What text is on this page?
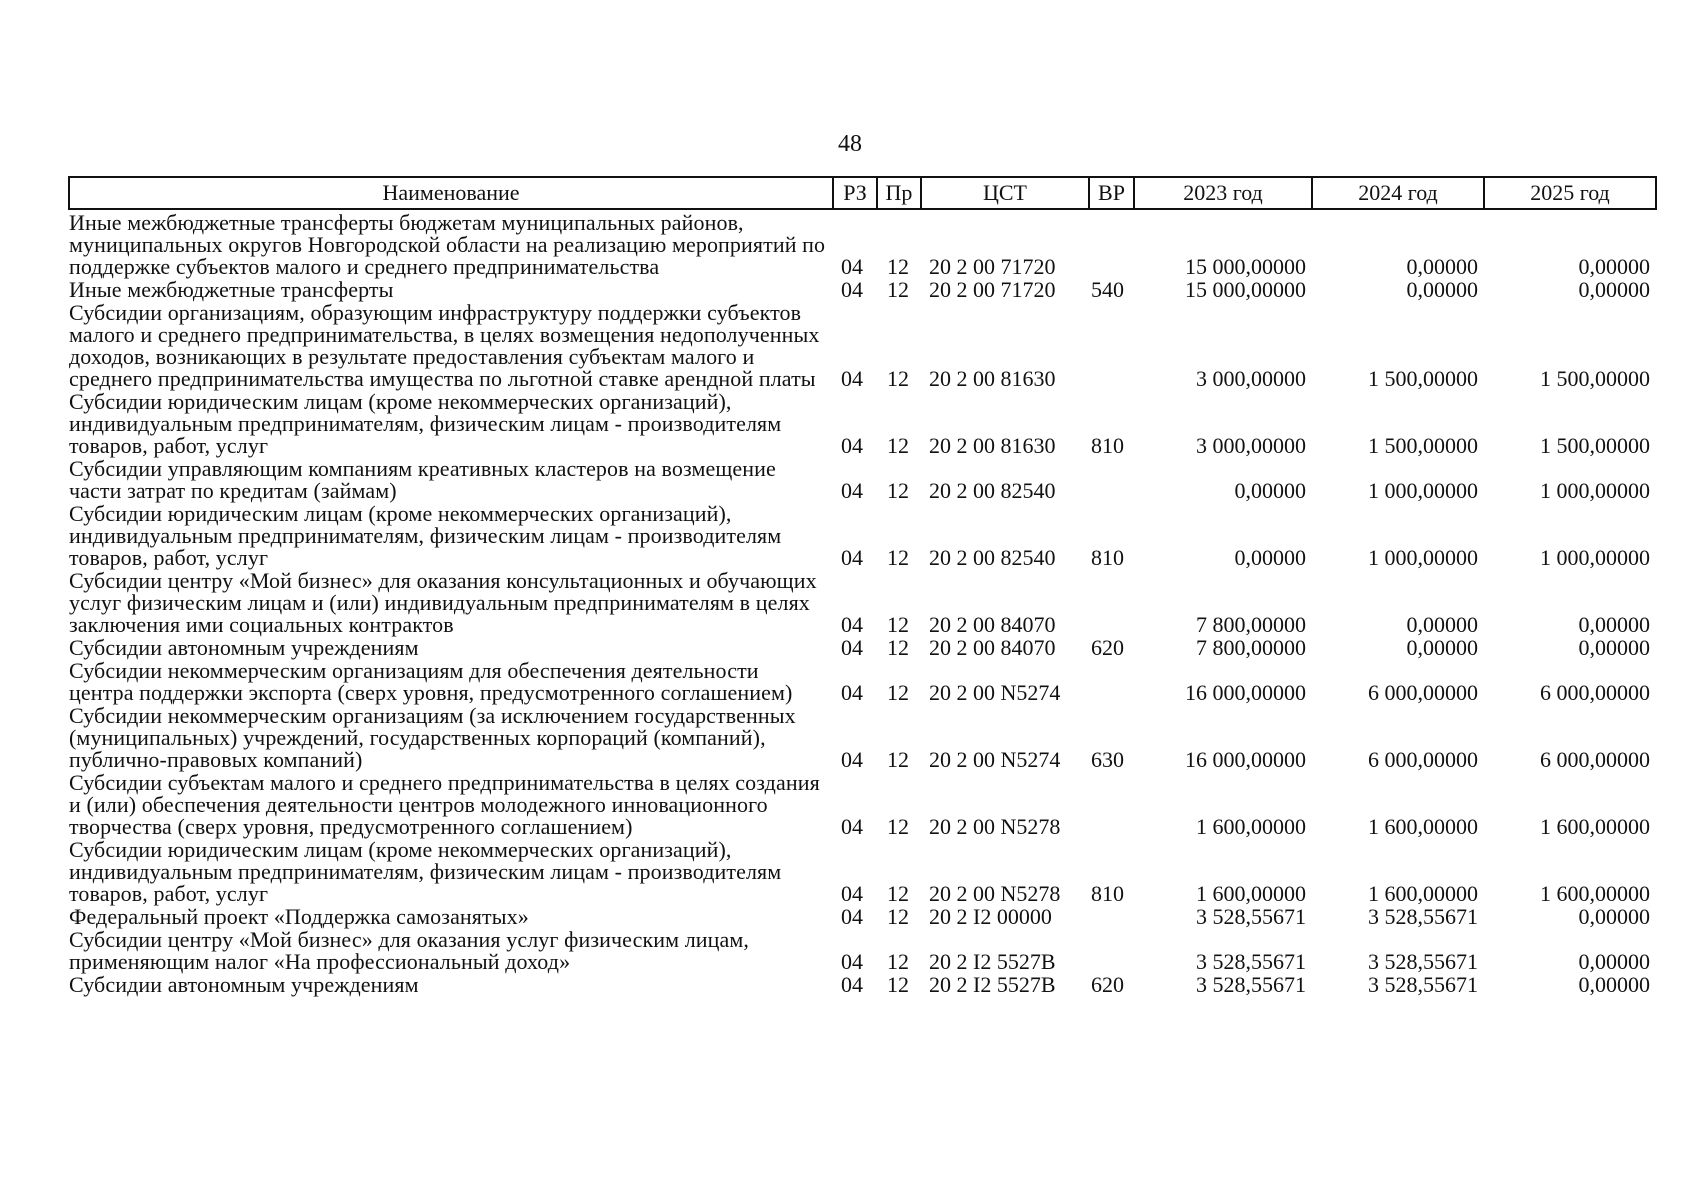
48
Наименование	РЗ	Пр	ЦСТ	ВР	2023 год	2024 год	2025 год
Иные межбюджетные трансферты бюджетам муниципальных районов, муниципальных округов Новгородской области на реализацию мероприятий по поддержке субъектов малого и среднего предпринимательства	04	12	20 2 00 71720		15 000,00000	0,00000	0,00000
Иные межбюджетные трансферты	04	12	20 2 00 71720	540	15 000,00000	0,00000	0,00000
Субсидии организациям, образующим инфраструктуру поддержки субъектов малого и среднего предпринимательства, в целях возмещения недополученных доходов, возникающих в результате предоставления субъектам малого и среднего предпринимательства имущества по льготной ставке арендной платы	04	12	20 2 00 81630		3 000,00000	1 500,00000	1 500,00000
Субсидии юридическим лицам (кроме некоммерческих организаций), индивидуальным предпринимателям, физическим лицам - производителям товаров, работ, услуг	04	12	20 2 00 81630	810	3 000,00000	1 500,00000	1 500,00000
Субсидии управляющим компаниям креативных кластеров на возмещение части затрат по кредитам (займам)	04	12	20 2 00 82540		0,00000	1 000,00000	1 000,00000
Субсидии юридическим лицам (кроме некоммерческих организаций), индивидуальным предпринимателям, физическим лицам - производителям товаров, работ, услуг	04	12	20 2 00 82540	810	0,00000	1 000,00000	1 000,00000
Субсидии центру «Мой бизнес» для оказания консультационных и обучающих услуг физическим лицам и (или) индивидуальным предпринимателям в целях заключения ими социальных контрактов	04	12	20 2 00 84070		7 800,00000	0,00000	0,00000
Субсидии автономным учреждениям	04	12	20 2 00 84070	620	7 800,00000	0,00000	0,00000
Субсидии некоммерческим организациям для обеспечения деятельности центра поддержки экспорта (сверх уровня, предусмотренного соглашением)	04	12	20 2 00 N5274		16 000,00000	6 000,00000	6 000,00000
Субсидии некоммерческим организациям (за исключением государственных (муниципальных) учреждений, государственных корпораций (компаний), публично-правовых компаний)	04	12	20 2 00 N5274	630	16 000,00000	6 000,00000	6 000,00000
Субсидии субъектам малого и среднего предпринимательства в целях создания и (или) обеспечения деятельности центров молодежного инновационного творчества (сверх уровня, предусмотренного соглашением)	04	12	20 2 00 N5278		1 600,00000	1 600,00000	1 600,00000
Субсидии юридическим лицам (кроме некоммерческих организаций), индивидуальным предпринимателям, физическим лицам - производителям товаров, работ, услуг	04	12	20 2 00 N5278	810	1 600,00000	1 600,00000	1 600,00000
Федеральный проект «Поддержка самозанятых»	04	12	20 2 I2 00000		3 528,55671	3 528,55671	0,00000
Субсидии центру «Мой бизнес» для оказания услуг физическим лицам, применяющим налог «На профессиональный доход»	04	12	20 2 I2 5527B		3 528,55671	3 528,55671	0,00000
Субсидии автономным учреждениям	04	12	20 2 I2 5527B	620	3 528,55671	3 528,55671	0,00000
